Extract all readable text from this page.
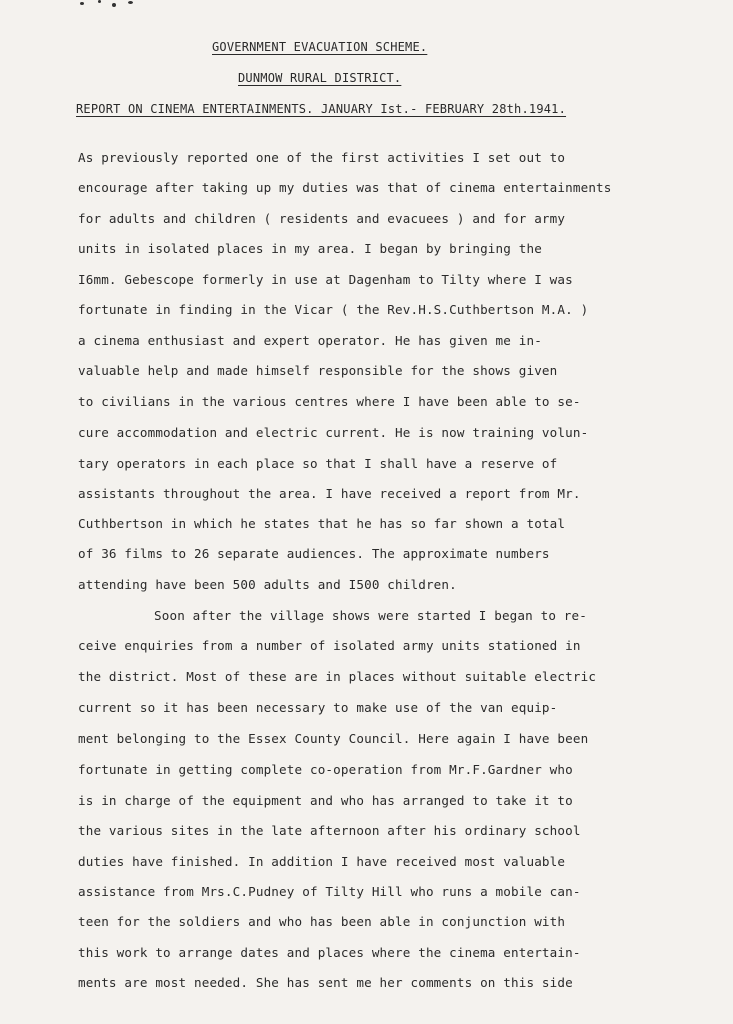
GOVERNMENT EVACUATION SCHEME.
DUNMOW RURAL DISTRICT.
REPORT ON CINEMA ENTERTAINMENTS. JANUARY Ist.- FEBRUARY 28th.1941.
As previously reported one of the first activities I set out to
encourage after taking up my duties was that of cinema entertainments
for adults and children ( residents and evacuees ) and for army
units in isolated places in my area. I began by bringing the
I6mm. Gebescope formerly in use at Dagenham to Tilty where I was
fortunate in finding in the Vicar ( the Rev.H.S.Cuthbertson M.A. )
a cinema enthusiast and expert operator. He has given me in-
valuable help and made himself responsible for the shows given
to civilians in the various centres where I have been able to se-
cure accommodation and electric current. He is now training volun-
tary operators in each place so that I shall have a reserve of
assistants throughout the area. I have received a report from Mr.
Cuthbertson in which he states that he has so far shown a total
of 36 films to 26 separate audiences. The approximate numbers
attending have been 500 adults and I500 children.
Soon after the village shows were started I began to re-
ceive enquiries from a number of isolated army units stationed in
the district. Most of these are in places without suitable electric
current so it has been necessary to make use of the van equip-
ment belonging to the Essex County Council. Here again I have been
fortunate in getting complete co-operation from Mr.F.Gardner who
is in charge of the equipment and who has arranged to take it to
the various sites in the late afternoon after his ordinary school
duties have finished. In addition I have received most valuable
assistance from Mrs.C.Pudney of Tilty Hill who runs a mobile can-
teen for the soldiers and who has been able in conjunction with
this work to arrange dates and places where the cinema entertain-
ments are most needed. She has sent me her comments on this side
